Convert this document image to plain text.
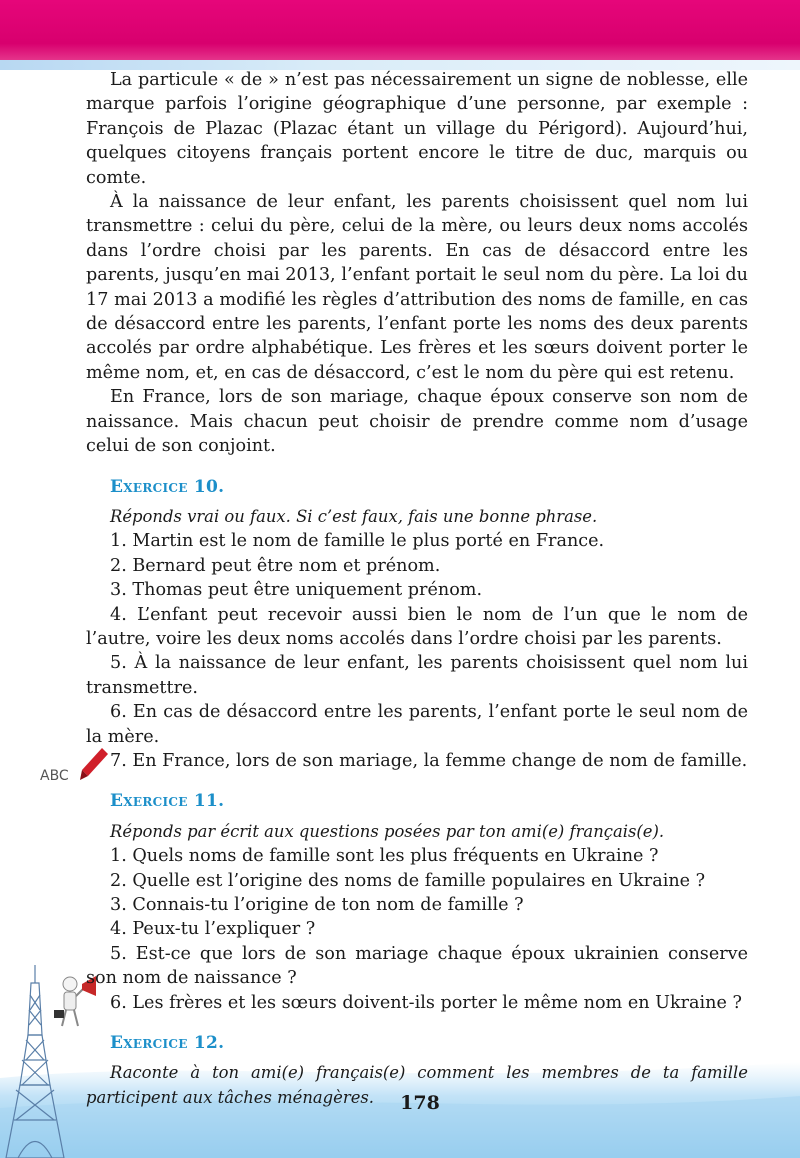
ABC

La particule « de » n’est pas nécessairement un signe de noblesse, elle marque parfois l’origine géographique d’une personne, par exemple : François de Plazac (Plazac étant un village du Périgord). Aujourd’hui, quelques citoyens français portent encore le titre de duc, marquis ou comte.

À la naissance de leur enfant, les parents choisissent quel nom lui transmettre : celui du père, celui de la mère, ou leurs deux noms accolés dans l’ordre choisi par les parents. En cas de désaccord entre les parents, jusqu’en mai 2013, l’enfant portait le seul nom du père. La loi du 17 mai 2013 a modifié les règles d’attribution des noms de famille, en cas de désaccord entre les parents, l’enfant porte les noms des deux parents accolés par ordre alphabétique. Les frères et les sœurs doivent porter le même nom, et, en cas de désaccord, c’est le nom du père qui est retenu.

En France, lors de son mariage, chaque époux conserve son nom de naissance. Mais chacun peut choisir de prendre comme nom d’usage celui de son conjoint.

Exercice 10.

Réponds vrai ou faux. Si c’est faux, fais une bonne phrase.

1. Martin est le nom de famille le plus porté en France.

2. Bernard peut être nom et prénom.

3. Thomas peut être uniquement prénom.

4. L’enfant peut recevoir aussi bien le nom de l’un que le nom de l’autre, voire les deux noms accolés dans l’ordre choisi par les parents.

5. À la naissance de leur enfant, les parents choisissent quel nom lui transmettre.

6. En cas de désaccord entre les parents, l’enfant porte le seul nom de la mère.

7. En France, lors de son mariage, la femme change de nom de famille.

Exercice 11.

Réponds par écrit aux questions posées par ton ami(e) français(e).

1. Quels noms de famille sont les plus fréquents en Ukraine ?

2. Quelle est l’origine des noms de famille populaires en Ukraine ?

3. Connais-tu l’origine de ton nom de famille ?

4. Peux-tu l’expliquer ?

5. Est-ce que lors de son mariage chaque époux ukrainien conserve son nom de naissance ?

6. Les frères et les sœurs doivent-ils porter le même nom en Ukraine ?

Exercice 12.

Raconte à ton ami(e) français(e) comment les membres de ta famille participent aux tâches ménagères.	178
